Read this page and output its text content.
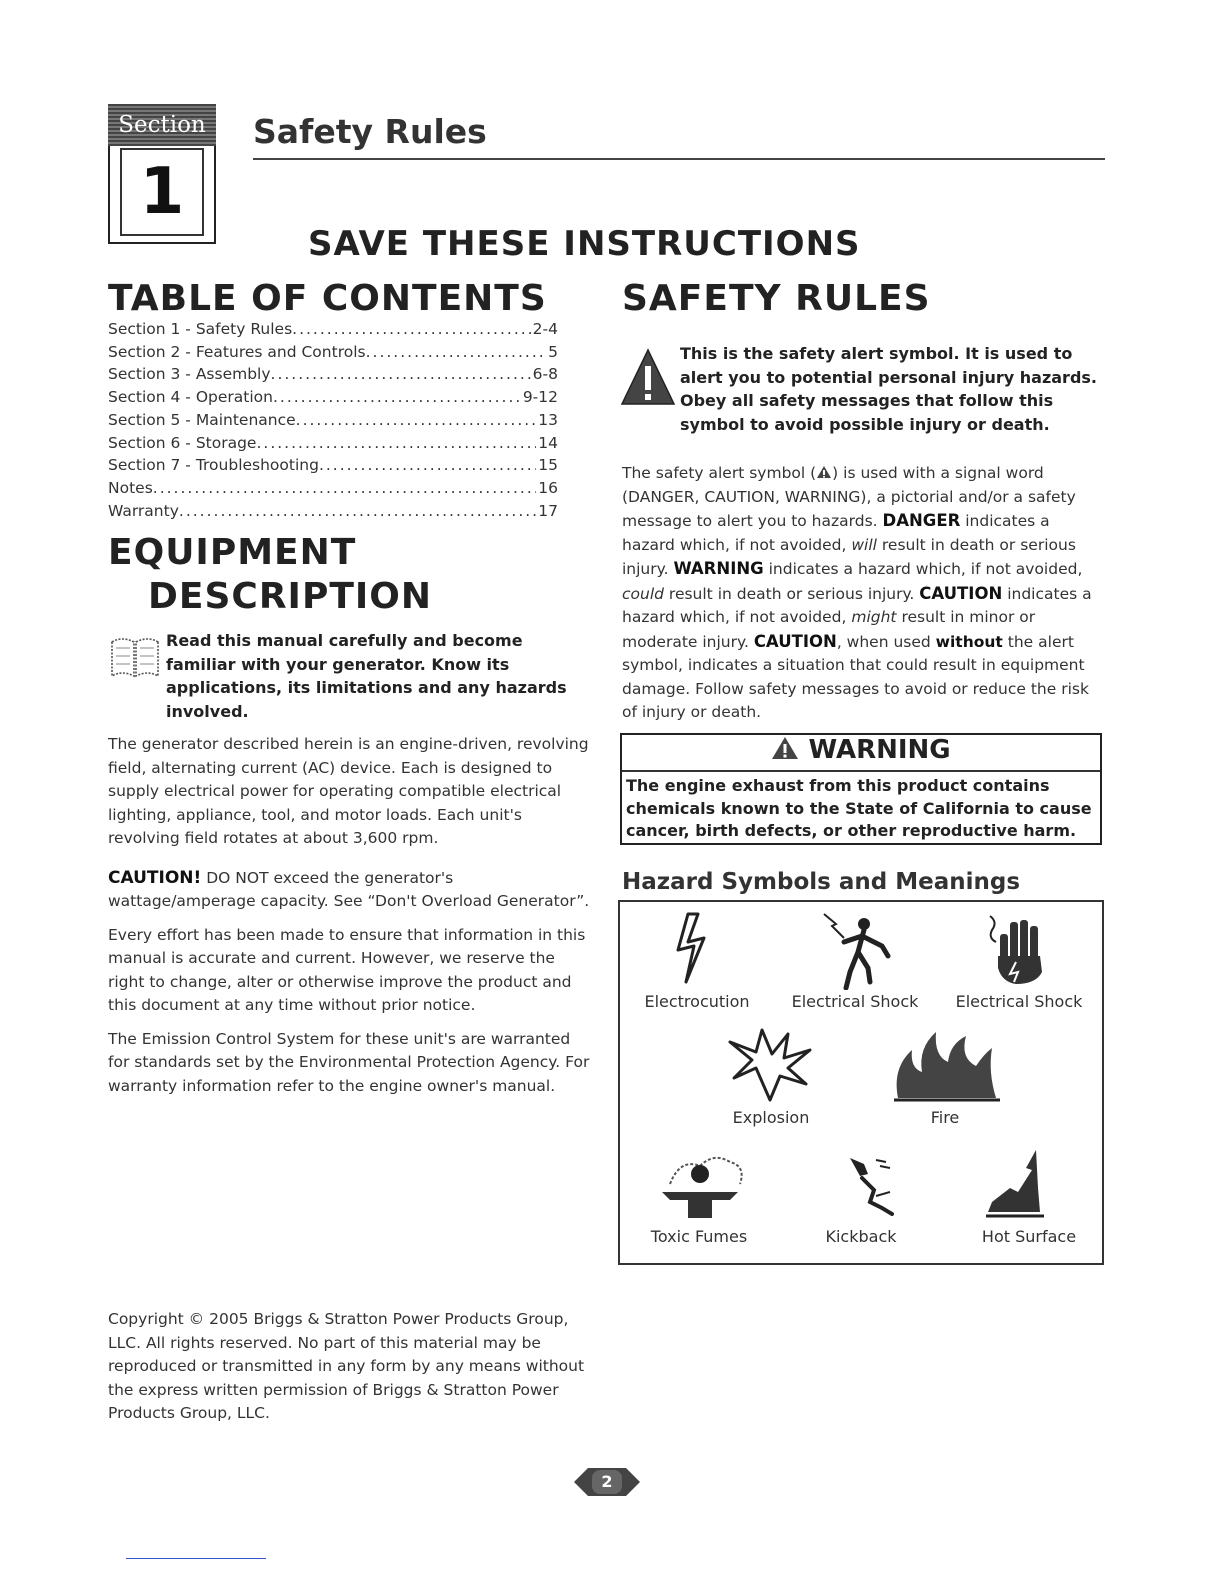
Section
1
Safety Rules
SAVE THESE INSTRUCTIONS
TABLE OF CONTENTS
Section 1 - Safety Rules .....	2-4
Section 2 - Features and Controls .....	5
Section 3 - Assembly .....	6-8
Section 4 - Operation .....	9-12
Section 5 - Maintenance .....	13
Section 6 - Storage .....	14
Section 7 - Troubleshooting .....	15
Notes .....	16
Warranty .....	17
EQUIPMENT
DESCRIPTION
Read this manual carefully and become familiar with your generator. Know its applications, its limitations and any hazards involved.

The generator described herein is an engine-driven, revolving field, alternating current (AC) device. Each is designed to supply electrical power for operating compatible electrical lighting, appliance, tool, and motor loads. Each unit's revolving field rotates at about 3,600 rpm.

CAUTION! DO NOT exceed the generator's wattage/amperage capacity. See “Don't Overload Generator”.

Every effort has been made to ensure that information in this manual is accurate and current. However, we reserve the right to change, alter or otherwise improve the product and this document at any time without prior notice.

The Emission Control System for these unit's are warranted for standards set by the Environmental Protection Agency. For warranty information refer to the engine owner's manual.

SAFETY RULES
This is the safety alert symbol. It is used to alert you to potential personal injury hazards. Obey all safety messages that follow this symbol to avoid possible injury or death.
The safety alert symbol ( ) is used with a signal word (DANGER, CAUTION, WARNING), a pictorial and/or a safety message to alert you to hazards. DANGER indicates a hazard which, if not avoided, will result in death or serious injury. WARNING indicates a hazard which, if not avoided, could result in death or serious injury. CAUTION indicates a hazard which, if not avoided, might result in minor or moderate injury. CAUTION, when used without the alert symbol, indicates a situation that could result in equipment damage. Follow safety messages to avoid or reduce the risk of injury or death.
WARNING
The engine exhaust from this product contains chemicals known to the State of California to cause cancer, birth defects, or other reproductive harm.
Hazard Symbols and Meanings
Electrocution	Electrical Shock	Electrical Shock
Explosion	Fire
Toxic Fumes	Kickback	Hot Surface
Copyright © 2005 Briggs & Stratton Power Products Group, LLC. All rights reserved. No part of this material may be reproduced or transmitted in any form by any means without the express written permission of Briggs & Stratton Power Products Group, LLC.
2
